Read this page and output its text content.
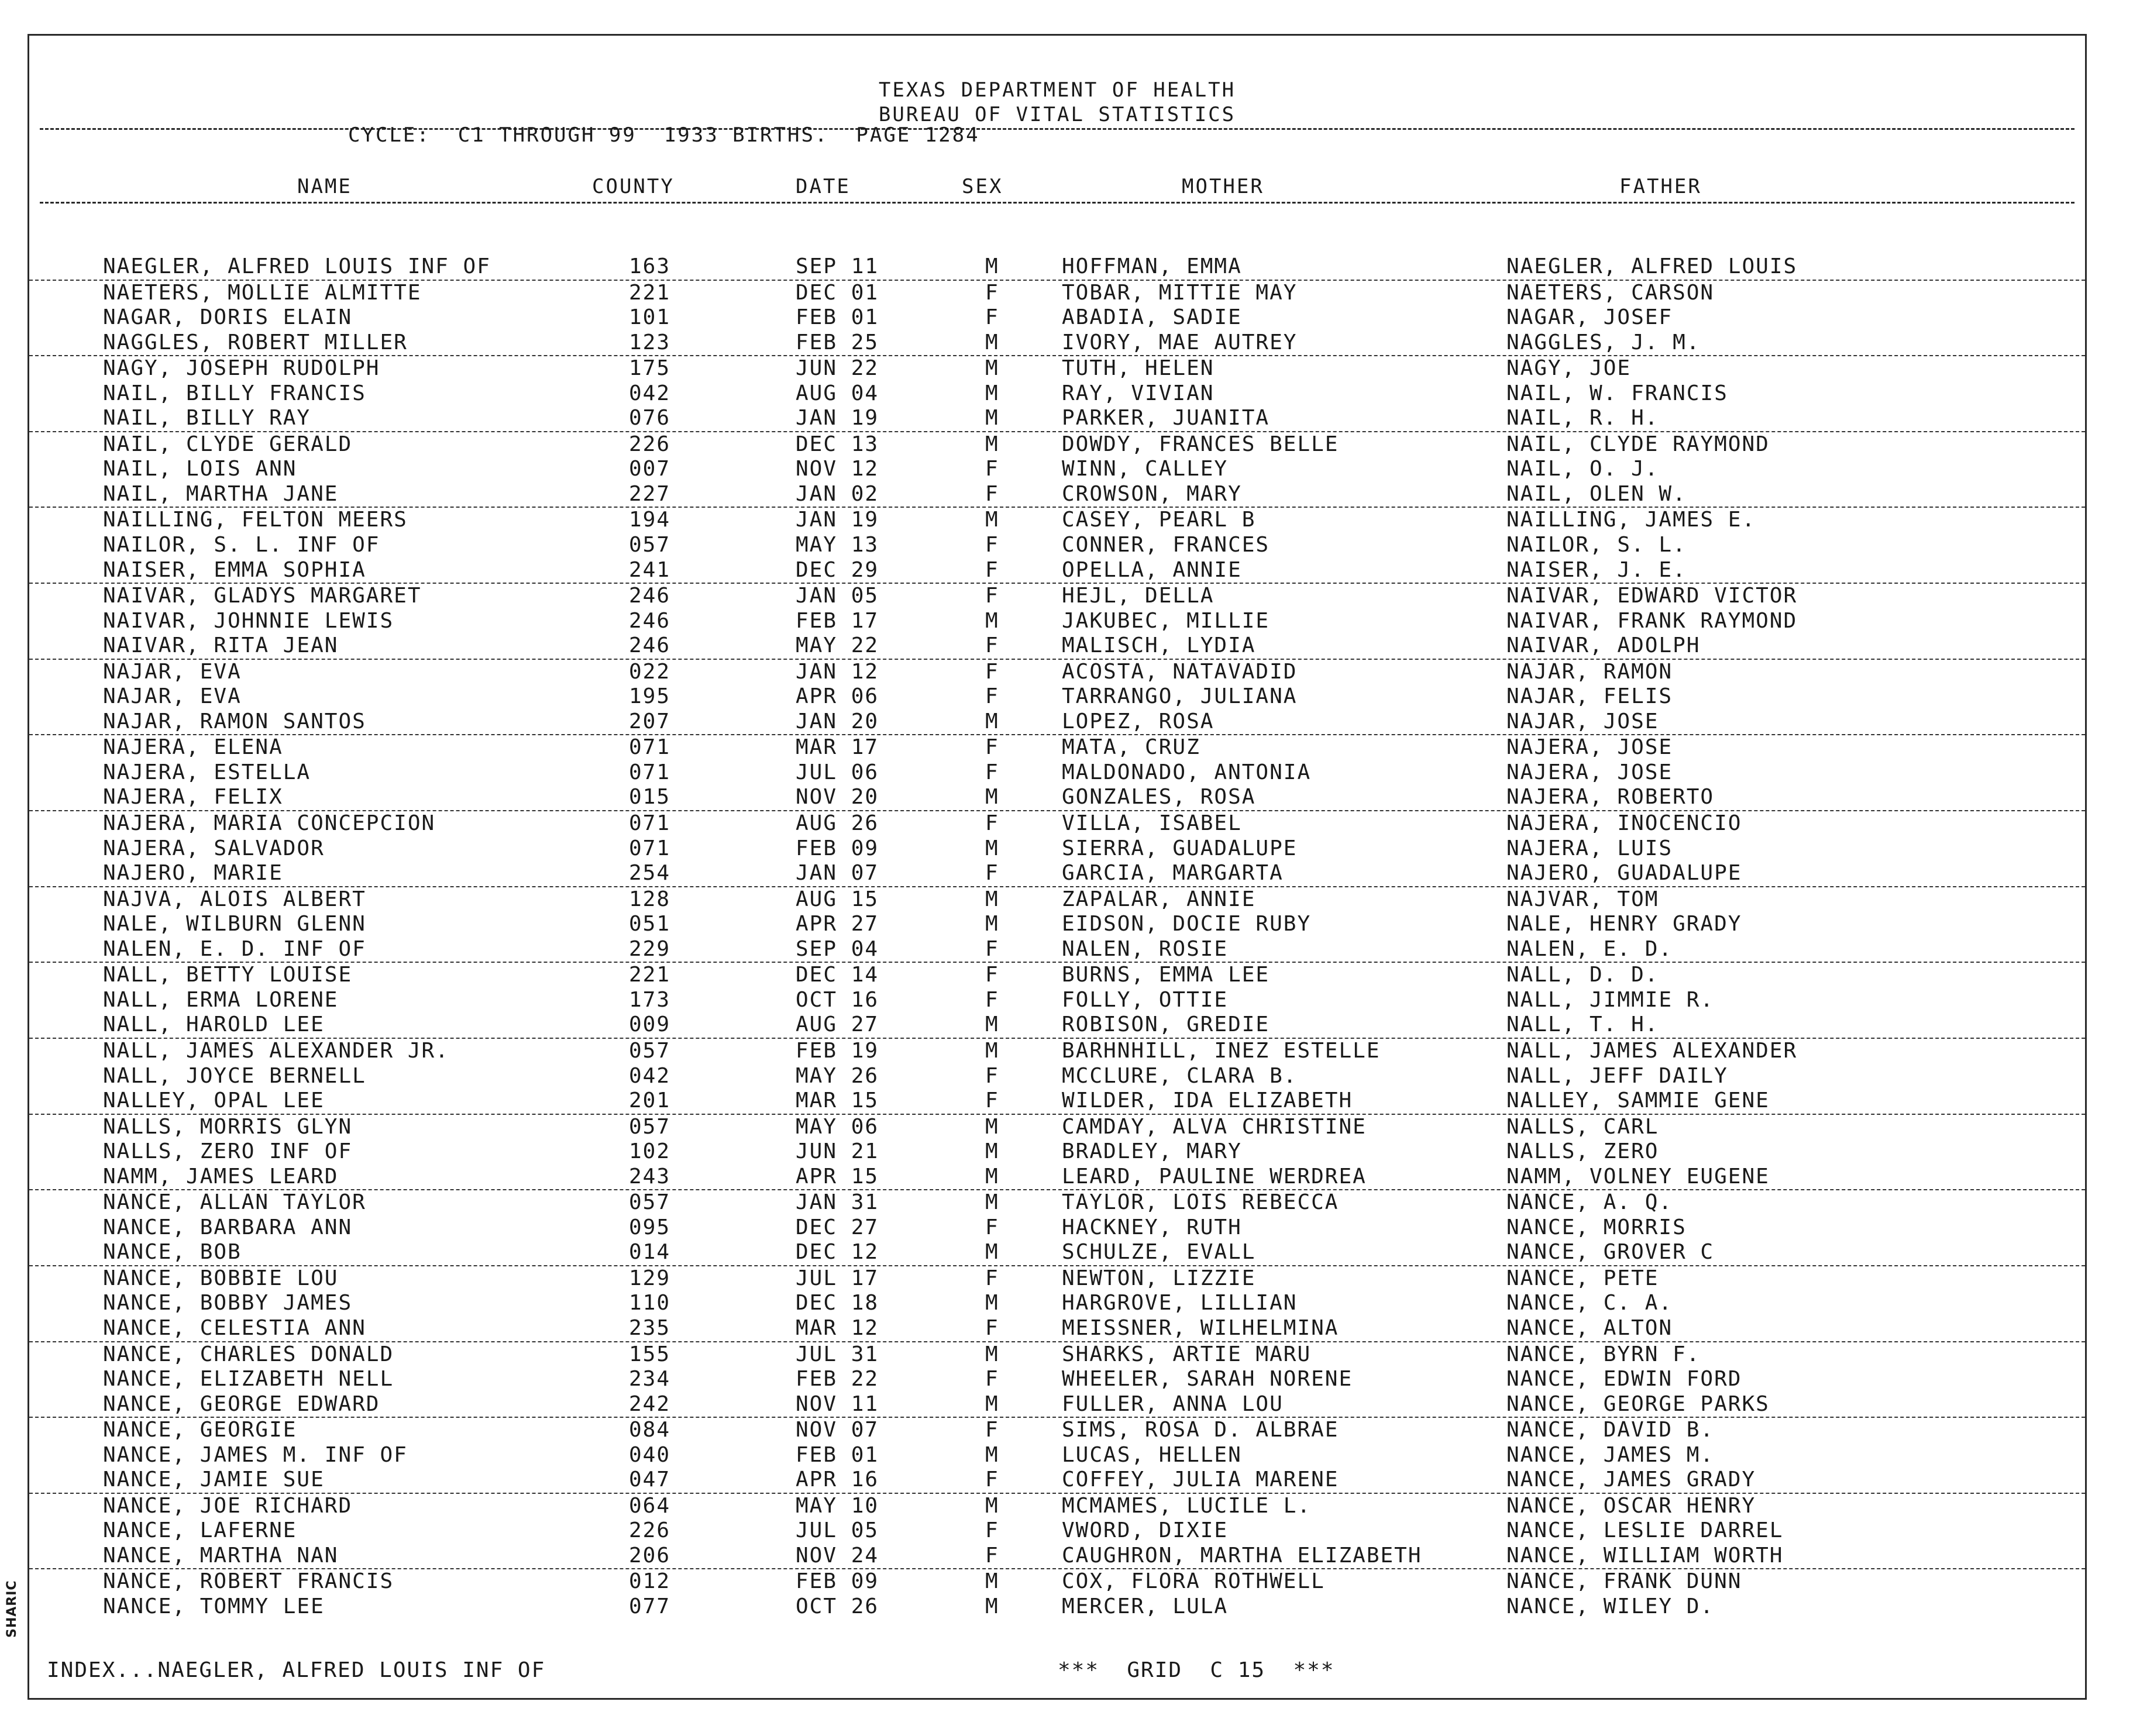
TEXAS DEPARTMENT OF HEALTH
BUREAU OF VITAL STATISTICS
CYCLE:  C1 THROUGH 99  1933 BIRTHS.  PAGE 1284
NAME	COUNTY	DATE	SEX	MOTHER	FATHER
NAEGLER, ALFRED LOUIS INF OF	163	SEP 11	M	HOFFMAN, EMMA	NAEGLER, ALFRED LOUIS
NAETERS, MOLLIE ALMITTE	221	DEC 01	F	TOBAR, MITTIE MAY	NAETERS, CARSON
NAGAR, DORIS ELAIN	101	FEB 01	F	ABADIA, SADIE	NAGAR, JOSEF
NAGGLES, ROBERT MILLER	123	FEB 25	M	IVORY, MAE AUTREY	NAGGLES, J. M.
NAGY, JOSEPH RUDOLPH	175	JUN 22	M	TUTH, HELEN	NAGY, JOE
NAIL, BILLY FRANCIS	042	AUG 04	M	RAY, VIVIAN	NAIL, W. FRANCIS
NAIL, BILLY RAY	076	JAN 19	M	PARKER, JUANITA	NAIL, R. H.
NAIL, CLYDE GERALD	226	DEC 13	M	DOWDY, FRANCES BELLE	NAIL, CLYDE RAYMOND
NAIL, LOIS ANN	007	NOV 12	F	WINN, CALLEY	NAIL, O. J.
NAIL, MARTHA JANE	227	JAN 02	F	CROWSON, MARY	NAIL, OLEN W.
NAILLING, FELTON MEERS	194	JAN 19	M	CASEY, PEARL B	NAILLING, JAMES E.
NAILOR, S. L. INF OF	057	MAY 13	F	CONNER, FRANCES	NAILOR, S. L.
NAISER, EMMA SOPHIA	241	DEC 29	F	OPELLA, ANNIE	NAISER, J. E.
NAIVAR, GLADYS MARGARET	246	JAN 05	F	HEJL, DELLA	NAIVAR, EDWARD VICTOR
NAIVAR, JOHNNIE LEWIS	246	FEB 17	M	JAKUBEC, MILLIE	NAIVAR, FRANK RAYMOND
NAIVAR, RITA JEAN	246	MAY 22	F	MALISCH, LYDIA	NAIVAR, ADOLPH
NAJAR, EVA	022	JAN 12	F	ACOSTA, NATAVADID	NAJAR, RAMON
NAJAR, EVA	195	APR 06	F	TARRANGO, JULIANA	NAJAR, FELIS
NAJAR, RAMON SANTOS	207	JAN 20	M	LOPEZ, ROSA	NAJAR, JOSE
NAJERA, ELENA	071	MAR 17	F	MATA, CRUZ	NAJERA, JOSE
NAJERA, ESTELLA	071	JUL 06	F	MALDONADO, ANTONIA	NAJERA, JOSE
NAJERA, FELIX	015	NOV 20	M	GONZALES, ROSA	NAJERA, ROBERTO
NAJERA, MARIA CONCEPCION	071	AUG 26	F	VILLA, ISABEL	NAJERA, INOCENCIO
NAJERA, SALVADOR	071	FEB 09	M	SIERRA, GUADALUPE	NAJERA, LUIS
NAJERO, MARIE	254	JAN 07	F	GARCIA, MARGARTA	NAJERO, GUADALUPE
NAJVA, ALOIS ALBERT	128	AUG 15	M	ZAPALAR, ANNIE	NAJVAR, TOM
NALE, WILBURN GLENN	051	APR 27	M	EIDSON, DOCIE RUBY	NALE, HENRY GRADY
NALEN, E. D. INF OF	229	SEP 04	F	NALEN, ROSIE	NALEN, E. D.
NALL, BETTY LOUISE	221	DEC 14	F	BURNS, EMMA LEE	NALL, D. D.
NALL, ERMA LORENE	173	OCT 16	F	FOLLY, OTTIE	NALL, JIMMIE R.
NALL, HAROLD LEE	009	AUG 27	M	ROBISON, GREDIE	NALL, T. H.
NALL, JAMES ALEXANDER JR.	057	FEB 19	M	BARHNHILL, INEZ ESTELLE	NALL, JAMES ALEXANDER
NALL, JOYCE BERNELL	042	MAY 26	F	MCCLURE, CLARA B.	NALL, JEFF DAILY
NALLEY, OPAL LEE	201	MAR 15	F	WILDER, IDA ELIZABETH	NALLEY, SAMMIE GENE
NALLS, MORRIS GLYN	057	MAY 06	M	CAMDAY, ALVA CHRISTINE	NALLS, CARL
NALLS, ZERO INF OF	102	JUN 21	M	BRADLEY, MARY	NALLS, ZERO
NAMM, JAMES LEARD	243	APR 15	M	LEARD, PAULINE WERDREA	NAMM, VOLNEY EUGENE
NANCE, ALLAN TAYLOR	057	JAN 31	M	TAYLOR, LOIS REBECCA	NANCE, A. Q.
NANCE, BARBARA ANN	095	DEC 27	F	HACKNEY, RUTH	NANCE, MORRIS
NANCE, BOB	014	DEC 12	M	SCHULZE, EVALL	NANCE, GROVER C
NANCE, BOBBIE LOU	129	JUL 17	F	NEWTON, LIZZIE	NANCE, PETE
NANCE, BOBBY JAMES	110	DEC 18	M	HARGROVE, LILLIAN	NANCE, C. A.
NANCE, CELESTIA ANN	235	MAR 12	F	MEISSNER, WILHELMINA	NANCE, ALTON
NANCE, CHARLES DONALD	155	JUL 31	M	SHARKS, ARTIE MARU	NANCE, BYRN F.
NANCE, ELIZABETH NELL	234	FEB 22	F	WHEELER, SARAH NORENE	NANCE, EDWIN FORD
NANCE, GEORGE EDWARD	242	NOV 11	M	FULLER, ANNA LOU	NANCE, GEORGE PARKS
NANCE, GEORGIE	084	NOV 07	F	SIMS, ROSA D. ALBRAE	NANCE, DAVID B.
NANCE, JAMES M. INF OF	040	FEB 01	M	LUCAS, HELLEN	NANCE, JAMES M.
NANCE, JAMIE SUE	047	APR 16	F	COFFEY, JULIA MARENE	NANCE, JAMES GRADY
NANCE, JOE RICHARD	064	MAY 10	M	MCMAMES, LUCILE L.	NANCE, OSCAR HENRY
NANCE, LAFERNE	226	JUL 05	F	VWORD, DIXIE	NANCE, LESLIE DARREL
NANCE, MARTHA NAN	206	NOV 24	F	CAUGHRON, MARTHA ELIZABETH	NANCE, WILLIAM WORTH
NANCE, ROBERT FRANCIS	012	FEB 09	M	COX, FLORA ROTHWELL	NANCE, FRANK DUNN
NANCE, TOMMY LEE	077	OCT 26	M	MERCER, LULA	NANCE, WILEY D.
INDEX...NAEGLER, ALFRED LOUIS INF OF	***  GRID  C 15  ***
SHARIC
